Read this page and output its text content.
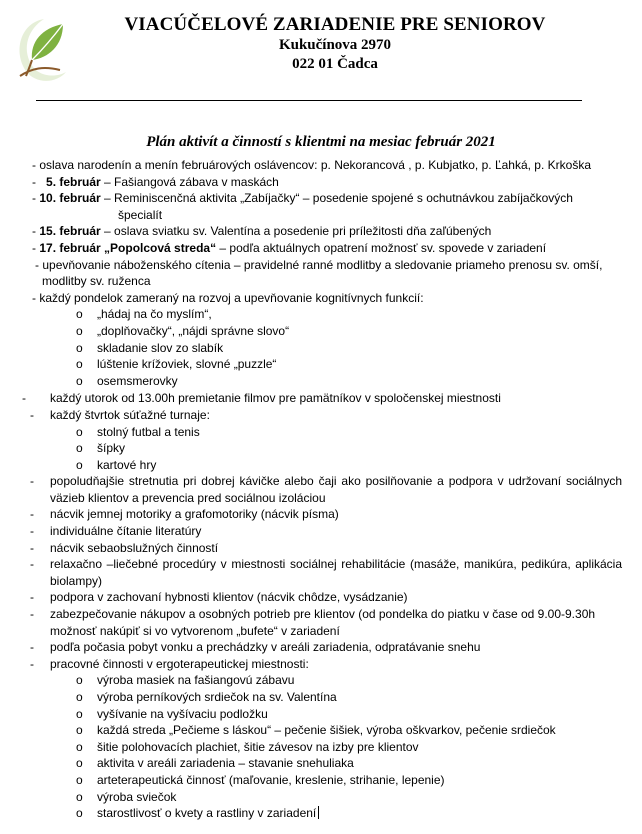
VIACÚČELOVÉ ZARIADENIE PRE SENIOROV
Kukučínova 2970
022 01 Čadca
Plán aktivít a činností s klientmi na mesiac február 2021
- oslava narodenín a menín februárových oslávencov: p. Nekorancová , p. Kubjatko, p. Ľahká, p. Krkoška
- 5. február – Fašiangová zábava v maskách
- 10. február – Reminiscenčná aktivita „Zabíjačky“ – posedenie spojené s ochutnávkou zabíjačkových
špecialít
- 15. február – oslava sviatku sv. Valentína a posedenie pri príležitosti dňa zaľúbených
- 17. február „Popolcová streda“ – podľa aktuálnych opatrení možnosť sv. spovede v zariadení
- upevňovanie náboženského cítenia – pravidelné ranné modlitby a sledovanie priameho prenosu sv. omší,
modlitby sv. ruženca
- každý pondelok zameraný na rozvoj a upevňovanie kognitívnych funkcií:
o	„hádaj na čo myslím“,
o	„doplňovačky“, „nájdi správne slovo“
o	skladanie slov zo slabík
o	lúštenie krížoviek, slovné „puzzle“
o	osemsmerovky
-	každý utorok od 13.00h premietanie filmov pre pamätníkov v spoločenskej miestnosti
-	každý štvrtok súťažné turnaje:
o	stolný futbal a tenis
o	šípky
o	kartové hry
-	popoludňajšie stretnutia pri dobrej kávičke alebo čaji ako posilňovanie a podpora v udržovaní sociálnych väzieb klientov a prevencia pred sociálnou izoláciou
-	nácvik jemnej motoriky a grafomotoriky (nácvik písma)
-	individuálne čítanie literatúry
-	nácvik sebaobslužných činností
-	relaxačno –liečebné procedúry v miestnosti sociálnej rehabilitácie (masáže, manikúra, pedikúra, aplikácia biolampy)
-	podpora v zachovaní hybnosti klientov (nácvik chôdze, vysádzanie)
-	zabezpečovanie nákupov a osobných potrieb pre klientov (od pondelka do piatku v čase od 9.00-9.30h možnosť nakúpiť si vo vytvorenom „bufete“ v zariadení
-	podľa počasia pobyt vonku a prechádzky v areáli zariadenia, odpratávanie snehu
-	pracovné činnosti v ergoterapeutickej miestnosti:
o	výroba masiek na fašiangovú zábavu
o	výroba perníkových srdiečok na sv. Valentína
o	vyšívanie na vyšívaciu podložku
o	každá streda „Pečieme s láskou“ – pečenie šišiek, výroba oškvarkov, pečenie srdiečok
o	šitie polohovacích plachiet, šitie závesov na izby pre klientov
o	aktivita v areáli zariadenia – stavanie snehuliaka
o	arteterapeutická činnosť (maľovanie, kreslenie, strihanie, lepenie)
o	výroba sviečok
o	starostlivosť o kvety a rastliny v zariadení
